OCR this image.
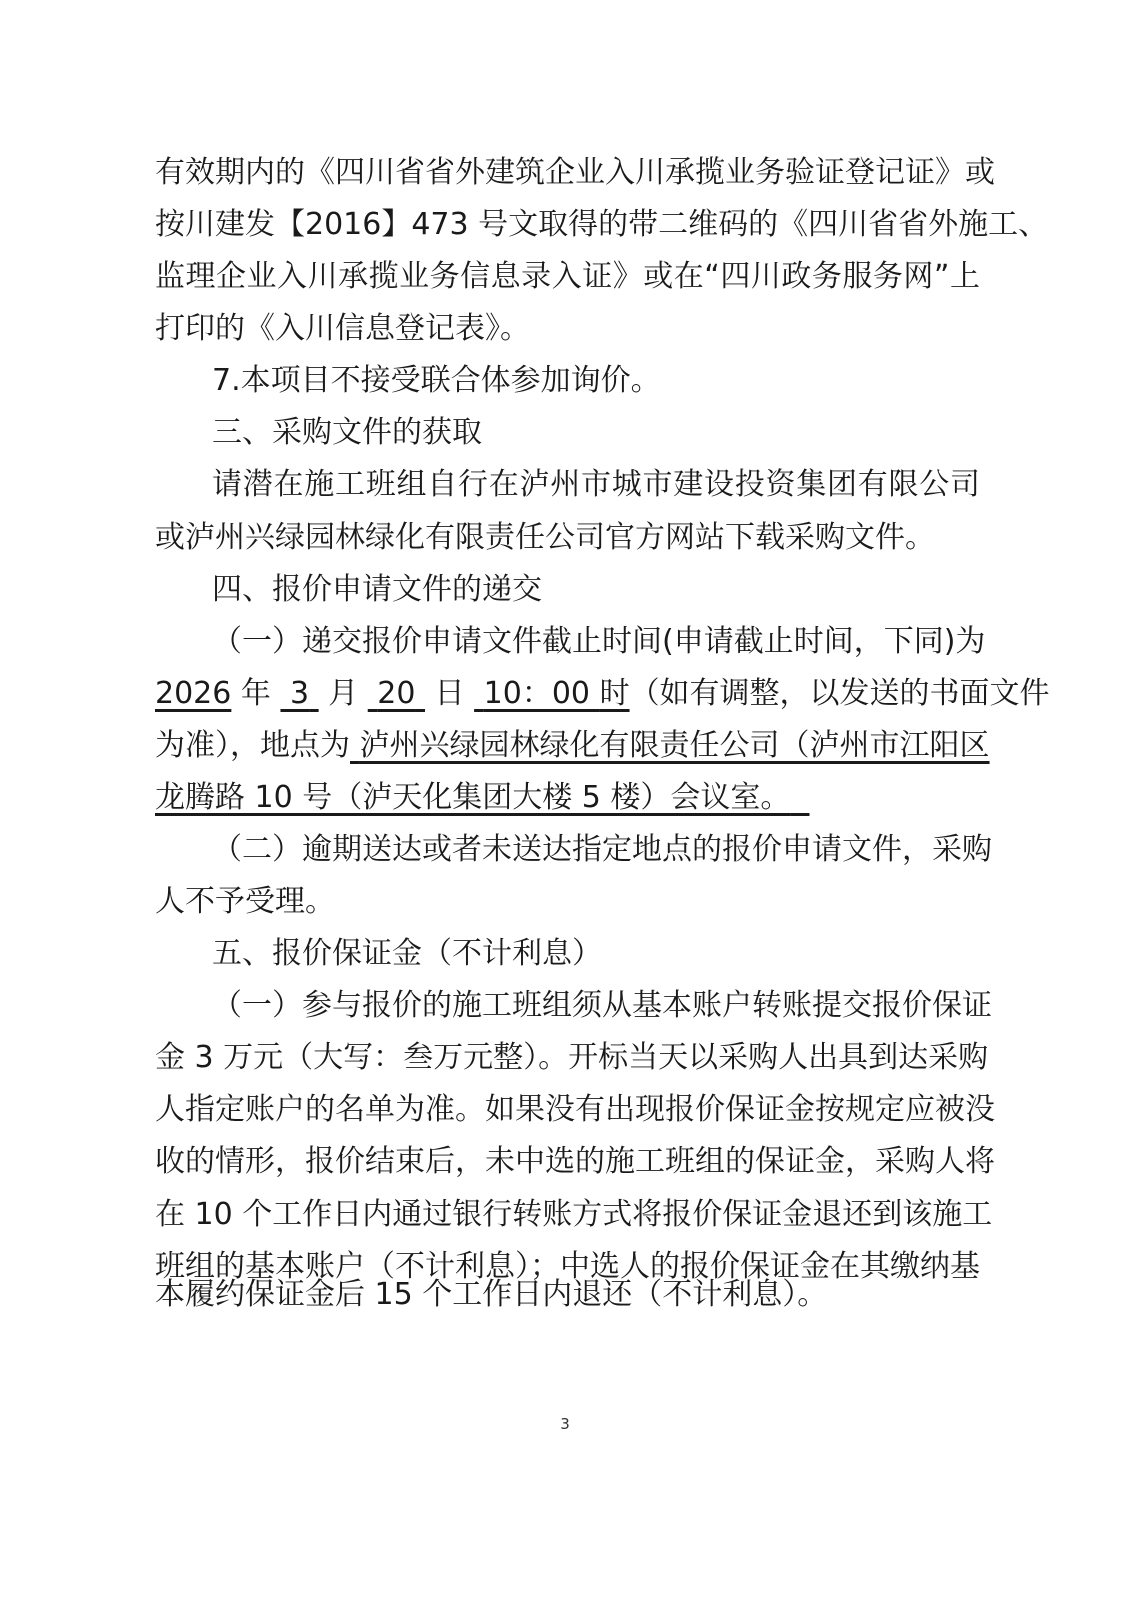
有效期内的《四川省省外建筑企业入川承揽业务验证登记证》或
按川建发【2016】473 号文取得的带二维码的《四川省省外施工、
监理企业入川承揽业务信息录入证》或在“四川政务服务网”上
打印的《入川信息登记表》。
7.本项目不接受联合体参加询价。
三、采购文件的获取
请潜在施工班组自行在泸州市城市建设投资集团有限公司
或泸州兴绿园林绿化有限责任公司官方网站下载采购文件。
四、报价申请文件的递交
（一）递交报价申请文件截止时间(申请截止时间，下同)为
2026 年 3 月 20 日 10：00 时（如有调整，以发送的书面文件
为准），地点为 泸州兴绿园林绿化有限责任公司（泸州市江阳区
龙腾路 10 号（泸天化集团大楼 5 楼）会议室。
（二）逾期送达或者未送达指定地点的报价申请文件，采购
人不予受理。
五、报价保证金（不计利息）
（一）参与报价的施工班组须从基本账户转账提交报价保证
金 3 万元（大写：叁万元整）。开标当天以采购人出具到达采购
人指定账户的名单为准。如果没有出现报价保证金按规定应被没
收的情形，报价结束后，未中选的施工班组的保证金，采购人将
在 10 个工作日内通过银行转账方式将报价保证金退还到该施工
班组的基本账户（不计利息）；中选人的报价保证金在其缴纳基
本履约保证金后 15 个工作日内退还（不计利息）。
3
